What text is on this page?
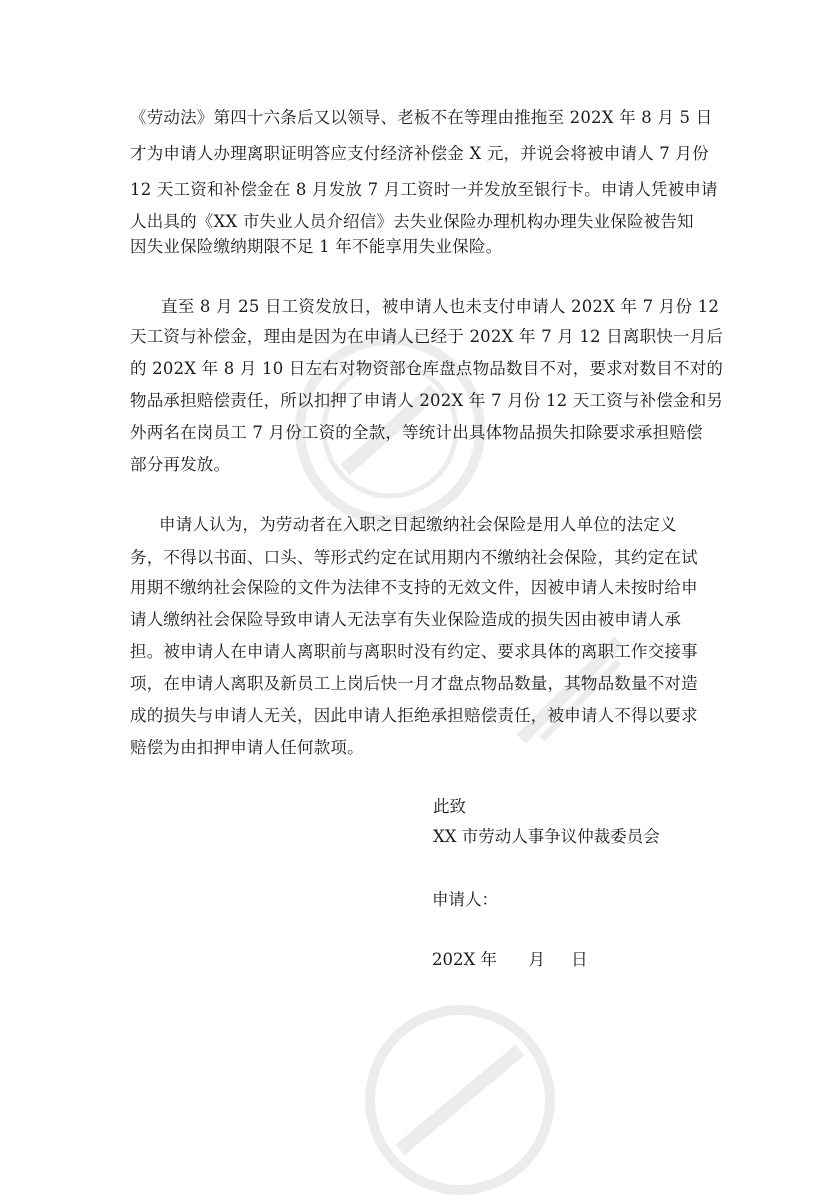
《劳动法》第四十六条后又以领导、老板不在等理由推拖至 202X 年 8 月 5 日
才为申请人办理离职证明答应支付经济补偿金 X 元，并说会将被申请人 7 月份
12 天工资和补偿金在 8 月发放 7 月工资时一并发放至银行卡。申请人凭被申请
人出具的《XX 市失业人员介绍信》去失业保险办理机构办理失业保险被告知
因失业保险缴纳期限不足 1 年不能享用失业保险。
直至 8 月 25 日工资发放日，被申请人也未支付申请人 202X 年 7 月份 12
天工资与补偿金，理由是因为在申请人已经于 202X 年 7 月 12 日离职快一月后
的 202X 年 8 月 10 日左右对物资部仓库盘点物品数目不对，要求对数目不对的
物品承担赔偿责任，所以扣押了申请人 202X 年 7 月份 12 天工资与补偿金和另
外两名在岗员工 7 月份工资的全款，等统计出具体物品损失扣除要求承担赔偿
部分再发放。
申请人认为，为劳动者在入职之日起缴纳社会保险是用人单位的法定义
务，不得以书面、口头、等形式约定在试用期内不缴纳社会保险，其约定在试
用期不缴纳社会保险的文件为法律不支持的无效文件，因被申请人未按时给申
请人缴纳社会保险导致申请人无法享有失业保险造成的损失因由被申请人承
担。被申请人在申请人离职前与离职时没有约定、要求具体的离职工作交接事
项，在申请人离职及新员工上岗后快一月才盘点物品数量，其物品数量不对造
成的损失与申请人无关，因此申请人拒绝承担赔偿责任，被申请人不得以要求
赔偿为由扣押申请人任何款项。
此致
XX 市劳动人事争议仲裁委员会
申请人：
202X 年      月     日
